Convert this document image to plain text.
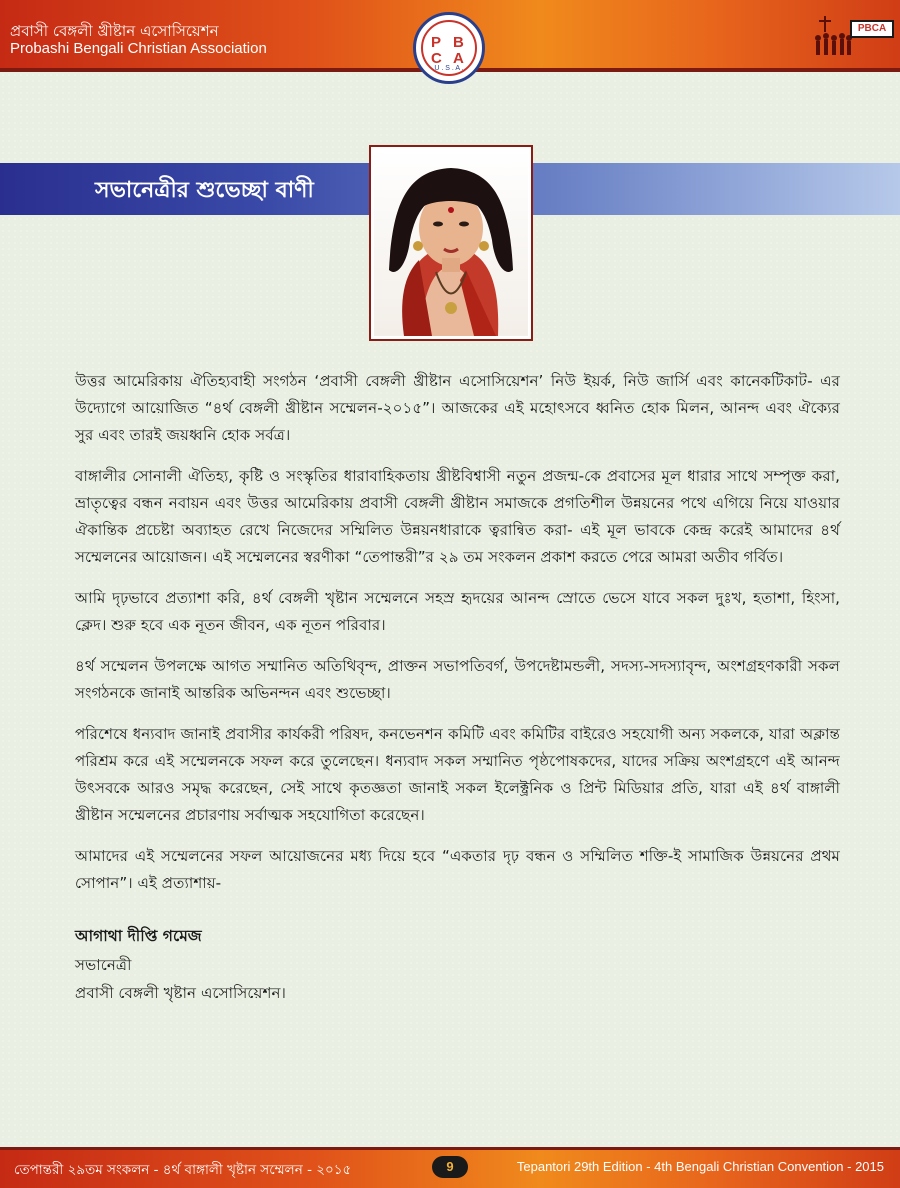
প্রবাসী বেঙ্গলী খ্রীষ্টান এসোসিয়েশন
Probashi Bengali Christian Association	P B
C A
U . S . A .
PBCA
সভানেত্রীর শুভেচ্ছা বাণী

উত্তর আমেরিকায় ঐতিহ্যবাহী সংগঠন ‘প্রবাসী বেঙ্গলী খ্রীষ্টান এসোসিয়েশন’ নিউ ইয়র্ক, নিউ জার্সি এবং কানেকটিকাট- এর উদ্যোগে আয়োজিত “৪র্থ বেঙ্গলী খ্রীষ্টান সম্মেলন-২০১৫”। আজকের এই মহোৎসবে ধ্বনিত হোক মিলন, আনন্দ এবং ঐক্যের সুর এবং তারই জয়ধ্বনি হোক সর্বত্র।

বাঙ্গালীর সোনালী ঐতিহ্য, কৃষ্টি ও সংস্কৃতির ধারাবাহিকতায় খ্রীষ্টবিশ্বাসী নতুন প্রজন্ম-কে প্রবাসের মূল ধারার সাথে সম্পৃক্ত করা, ভ্রাতৃত্বের বন্ধন নবায়ন এবং উত্তর আমেরিকায় প্রবাসী বেঙ্গলী খ্রীষ্টান সমাজকে প্রগতিশীল উন্নয়নের পথে এগিয়ে নিয়ে যাওয়ার ঐকান্তিক প্রচেষ্টা অব্যাহত রেখে নিজেদের সম্মিলিত উন্নয়নধারাকে ত্বরান্বিত করা- এই মূল ভাবকে কেন্দ্র করেই আমাদের ৪র্থ সম্মেলনের আয়োজন। এই সম্মেলনের স্বরণীকা “তেপান্তরী”র ২৯ তম সংকলন প্রকাশ করতে পেরে আমরা অতীব গর্বিত।

আমি দৃঢ়ভাবে প্রত্যাশা করি, ৪র্থ বেঙ্গলী খৃষ্টান সম্মেলনে সহস্র হৃদয়ের আনন্দ স্রোতে ভেসে যাবে সকল দুঃখ, হতাশা, হিংসা, ক্লেদ। শুরু হবে এক নূতন জীবন, এক নূতন পরিবার।

৪র্থ সম্মেলন উপলক্ষে আগত সম্মানিত অতিথিবৃন্দ, প্রাক্তন সভাপতিবর্গ, উপদেষ্টামন্ডলী, সদস্য-সদস্যাবৃন্দ, অংশগ্রহণকারী সকল সংগঠনকে জানাই আন্তরিক অভিনন্দন এবং শুভেচ্ছা।

পরিশেষে ধন্যবাদ জানাই প্রবাসীর কার্যকরী পরিষদ, কনভেনশন কমিটি এবং কমিটির বাইরেও সহযোগী অন্য সকলকে, যারা অক্লান্ত পরিশ্রম করে এই সম্মেলনকে সফল করে তুলেছেন। ধন্যবাদ সকল সম্মানিত পৃষ্ঠপোষকদের, যাদের সক্রিয় অংশগ্রহণে এই আনন্দ উৎসবকে আরও সমৃদ্ধ করেছেন, সেই সাথে কৃতজ্ঞতা জানাই সকল ইলেক্ট্রনিক ও প্রিন্ট মিডিয়ার প্রতি, যারা এই ৪র্থ বাঙ্গালী খ্রীষ্টান সম্মেলনের প্রচারণায় সর্বাত্মক সহযোগিতা করেছেন।

আমাদের এই সম্মেলনের সফল আয়োজনের মধ্য দিয়ে হবে “একতার দৃঢ় বন্ধন ও সম্মিলিত শক্তি-ই সামাজিক উন্নয়নের প্রথম সোপান”। এই প্রত্যাশায়-

আগাথা দীপ্তি গমেজ

সভানেত্রী

প্রবাসী বেঙ্গলী খৃষ্টান এসোসিয়েশন।

তেপান্তরী ২৯তম সংকলন - ৪র্থ বাঙ্গালী খৃষ্টান সম্মেলন - ২০১৫	9	Tepantori 29th Edition - 4th Bengali Christian Convention - 2015
